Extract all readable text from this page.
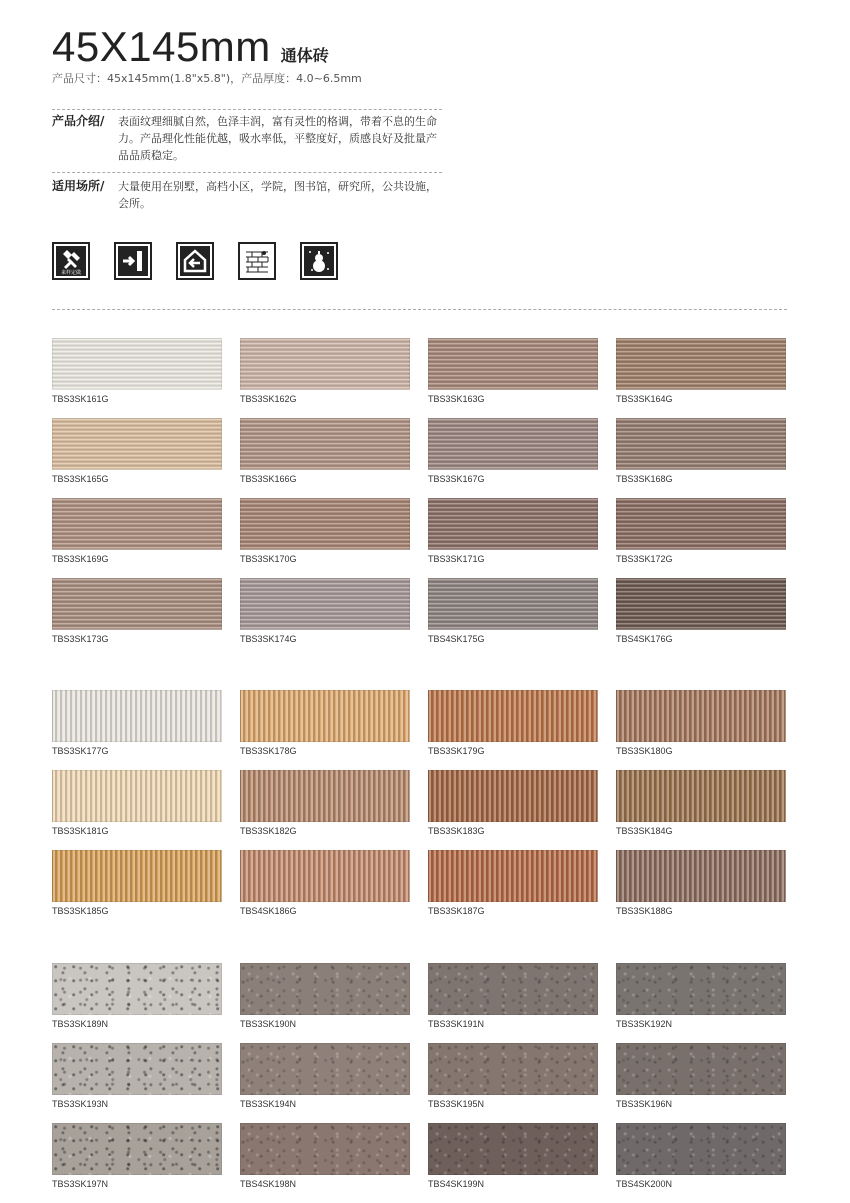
45X145mm 通体砖
产品尺寸：45x145mm(1.8"x5.8")，产品厚度：4.0~6.5mm
产品介绍/	表面纹理细腻自然，色泽丰润，富有灵性的格调，带着不息的生命力。产品理化性能优越，吸水率低，平整度好，质感良好及批量产品品质稳定。
适用场所/	大量使用在别墅，高档小区，学院，图书馆，研究所，公共设施，会所。
来样定做
TBS3SK161G	TBS3SK162G	TBS3SK163G	TBS3SK164G
TBS3SK165G	TBS3SK166G	TBS3SK167G	TBS3SK168G
TBS3SK169G	TBS3SK170G	TBS3SK171G	TBS3SK172G
TBS3SK173G	TBS3SK174G	TBS4SK175G	TBS4SK176G
TBS3SK177G	TBS3SK178G	TBS3SK179G	TBS3SK180G
TBS3SK181G	TBS3SK182G	TBS3SK183G	TBS3SK184G
TBS3SK185G	TBS4SK186G	TBS3SK187G	TBS3SK188G
TBS3SK189N	TBS3SK190N	TBS3SK191N	TBS3SK192N
TBS3SK193N	TBS3SK194N	TBS3SK195N	TBS3SK196N
TBS3SK197N	TBS4SK198N	TBS4SK199N	TBS4SK200N
